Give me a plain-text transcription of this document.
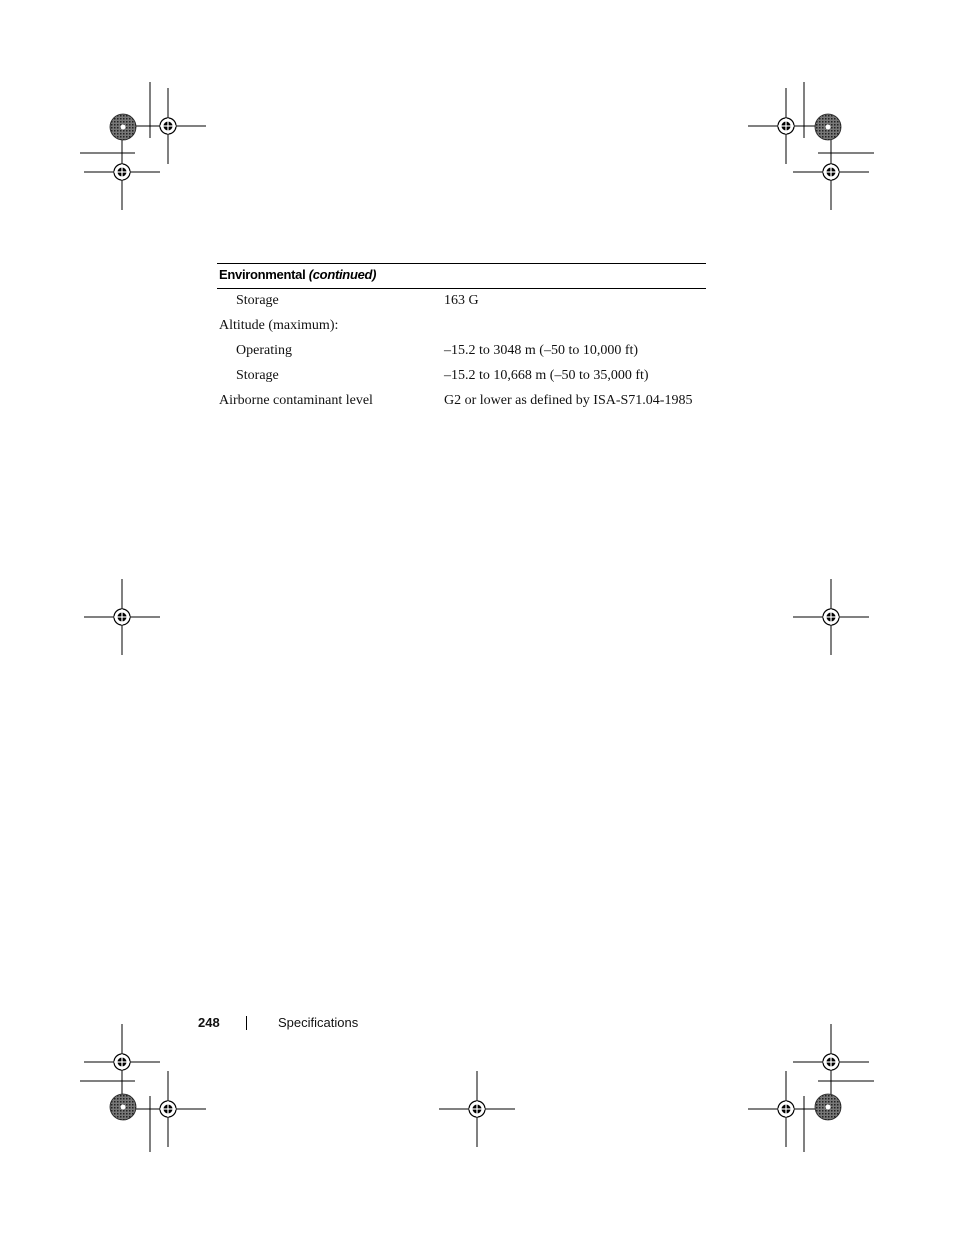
Environmental (continued)
Storage	163 G
Altitude (maximum):
Operating	–15.2 to 3048 m (–50 to 10,000 ft)
Storage	–15.2 to 10,668 m (–50 to 35,000 ft)
Airborne contaminant level	G2 or lower as defined by ISA-S71.04-1985
248	Specifications
